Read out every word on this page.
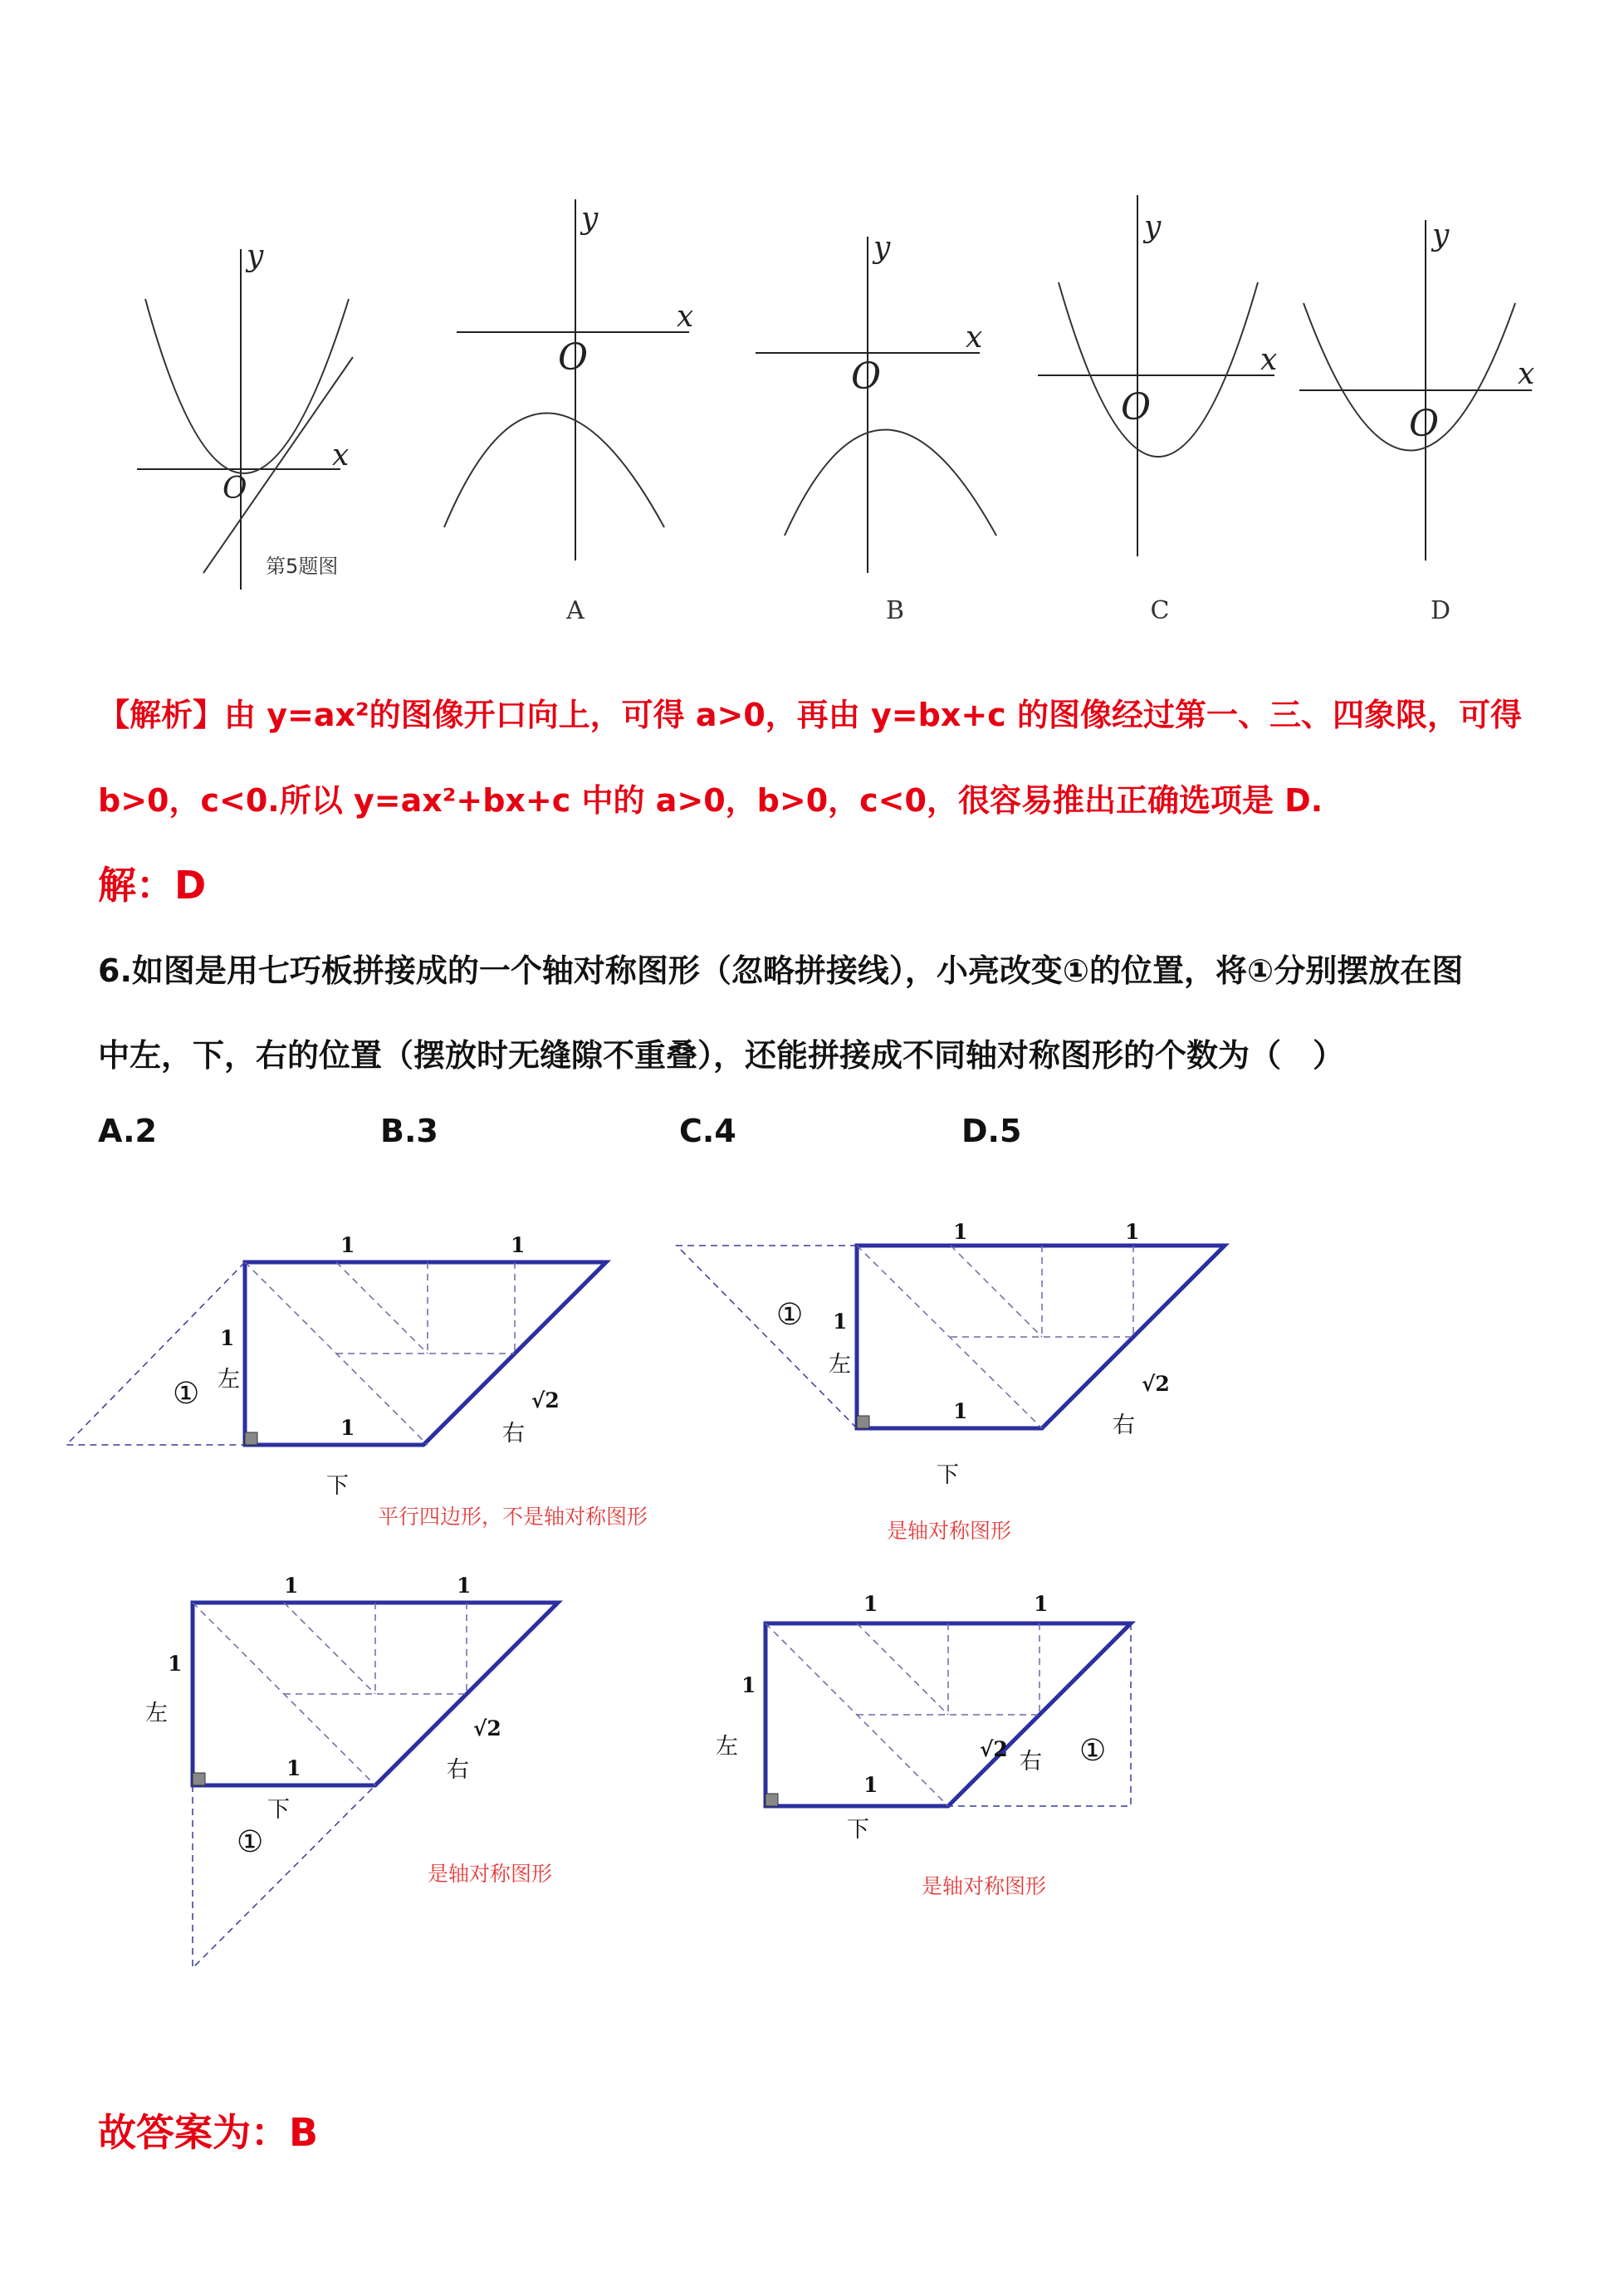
x
y
O
第5题图
x
y
O
A
x
y
O
B
x
y
O
C
x
y
O
D
【解析】由 y=ax²的图像开口向上，可得 a>0，再由 y=bx+c 的图像经过第一、三、四象限，可得
b>0，c<0.所以 y=ax²+bx+c 中的 a>0，b>0，c<0，很容易推出正确选项是 D.
解：D
6.如图是用七巧板拼接成的一个轴对称图形（忽略拼接线），小亮改变①的位置，将①分别摆放在图
中左，下，右的位置（摆放时无缝隙不重叠），还能拼接成不同轴对称图形的个数为（　）
A.2	B.3	C.4	D.5
1	1
1
1
√2
① 左
右
下
平行四边形，不是轴对称图形
1	1
1
1
√2
①
左
右
下
是轴对称图形
1	1
1
1
√2
①
左
右
下
是轴对称图形
1	1
1
1
√2 ①
左
右
下
是轴对称图形
故答案为：B
